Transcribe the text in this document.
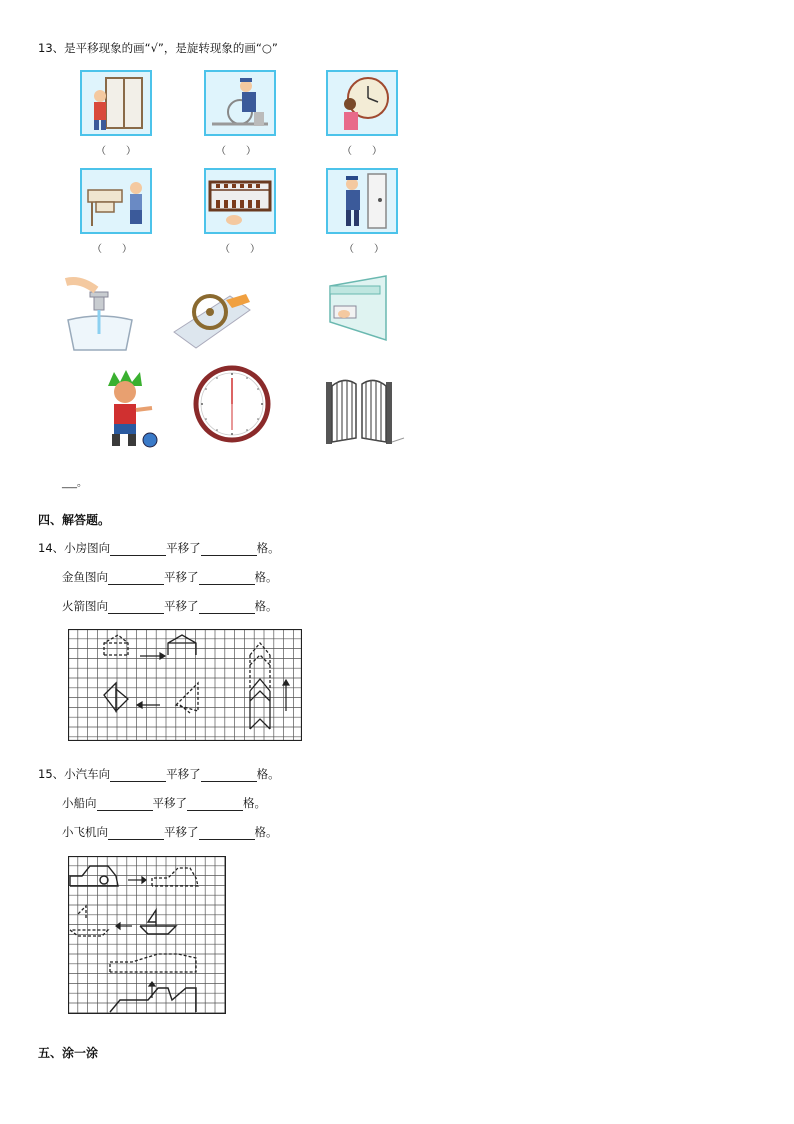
13、是平移现象的画“√”，是旋转现象的画“○”
（　　）	（　　）	（　　）
（　　）	（　　）	（　　）
___。
四、解答题。
14、小房图向	平移了	格。
金鱼图向	平移了	格。
火箭图向	平移了	格。
15、小汽车向	平移了	格。
小船向	平移了	格。
小飞机向	平移了	格。
五、涂一涂
